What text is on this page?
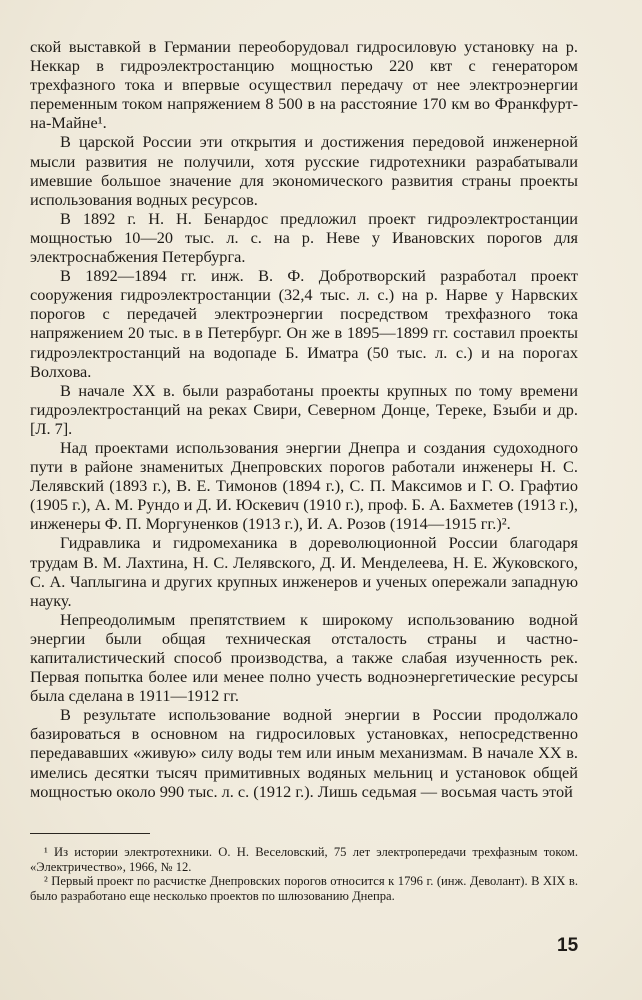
ской выставкой в Германии переоборудовал гидросиловую установку на р. Неккар в гидроэлектростанцию мощностью 220 квт с генератором трехфазного тока и впервые осуществил передачу от нее электроэнергии переменным током напряжением 8 500 в на расстояние 170 км во Франкфурт-на-Майне¹.

В царской России эти открытия и достижения передовой инженерной мысли развития не получили, хотя русские гидротехники разрабатывали имевшие большое значение для экономического развития страны проекты использования водных ресурсов.

В 1892 г. Н. Н. Бенардос предложил проект гидроэлектростанции мощностью 10—20 тыс. л. с. на р. Неве у Ивановских порогов для электроснабжения Петербурга.

В 1892—1894 гг. инж. В. Ф. Добротворский разработал проект сооружения гидроэлектростанции (32,4 тыс. л. с.) на р. Нарве у Нарвских порогов с передачей электроэнергии посредством трехфазного тока напряжением 20 тыс. в в Петербург. Он же в 1895—1899 гг. составил проекты гидроэлектростанций на водопаде Б. Иматра (50 тыс. л. с.) и на порогах Волхова.

В начале XX в. были разработаны проекты крупных по тому времени гидроэлектростанций на реках Свири, Северном Донце, Тереке, Бзыби и др. [Л. 7].

Над проектами использования энергии Днепра и создания судоходного пути в районе знаменитых Днепровских порогов работали инженеры Н. С. Лелявский (1893 г.), В. Е. Тимонов (1894 г.), С. П. Максимов и Г. О. Графтио (1905 г.), А. М. Рундо и Д. И. Юскевич (1910 г.), проф. Б. А. Бахметев (1913 г.), инженеры Ф. П. Моргуненков (1913 г.), И. А. Розов (1914—1915 гг.)².

Гидравлика и гидромеханика в дореволюционной России благодаря трудам В. М. Лахтина, Н. С. Лелявского, Д. И. Менделеева, Н. Е. Жуковского, С. А. Чаплыгина и других крупных инженеров и ученых опережали западную науку.

Непреодолимым препятствием к широкому использованию водной энергии были общая техническая отсталость страны и частно-капиталистический способ производства, а также слабая изученность рек. Первая попытка более или менее полно учесть водноэнергетические ресурсы была сделана в 1911—1912 гг.

В результате использование водной энергии в России продолжало базироваться в основном на гидросиловых установках, непосредственно передававших «живую» силу воды тем или иным механизмам. В начале XX в. имелись десятки тысяч примитивных водяных мельниц и установок общей мощностью около 990 тыс. л. с. (1912 г.). Лишь седьмая — восьмая часть этой

¹ Из истории электротехники. О. Н. Веселовский, 75 лет электропередачи трехфазным током. «Электричество», 1966, № 12.

² Первый проект по расчистке Днепровских порогов относится к 1796 г. (инж. Деволант). В XIX в. было разработано еще несколько проектов по шлюзованию Днепра.

15
